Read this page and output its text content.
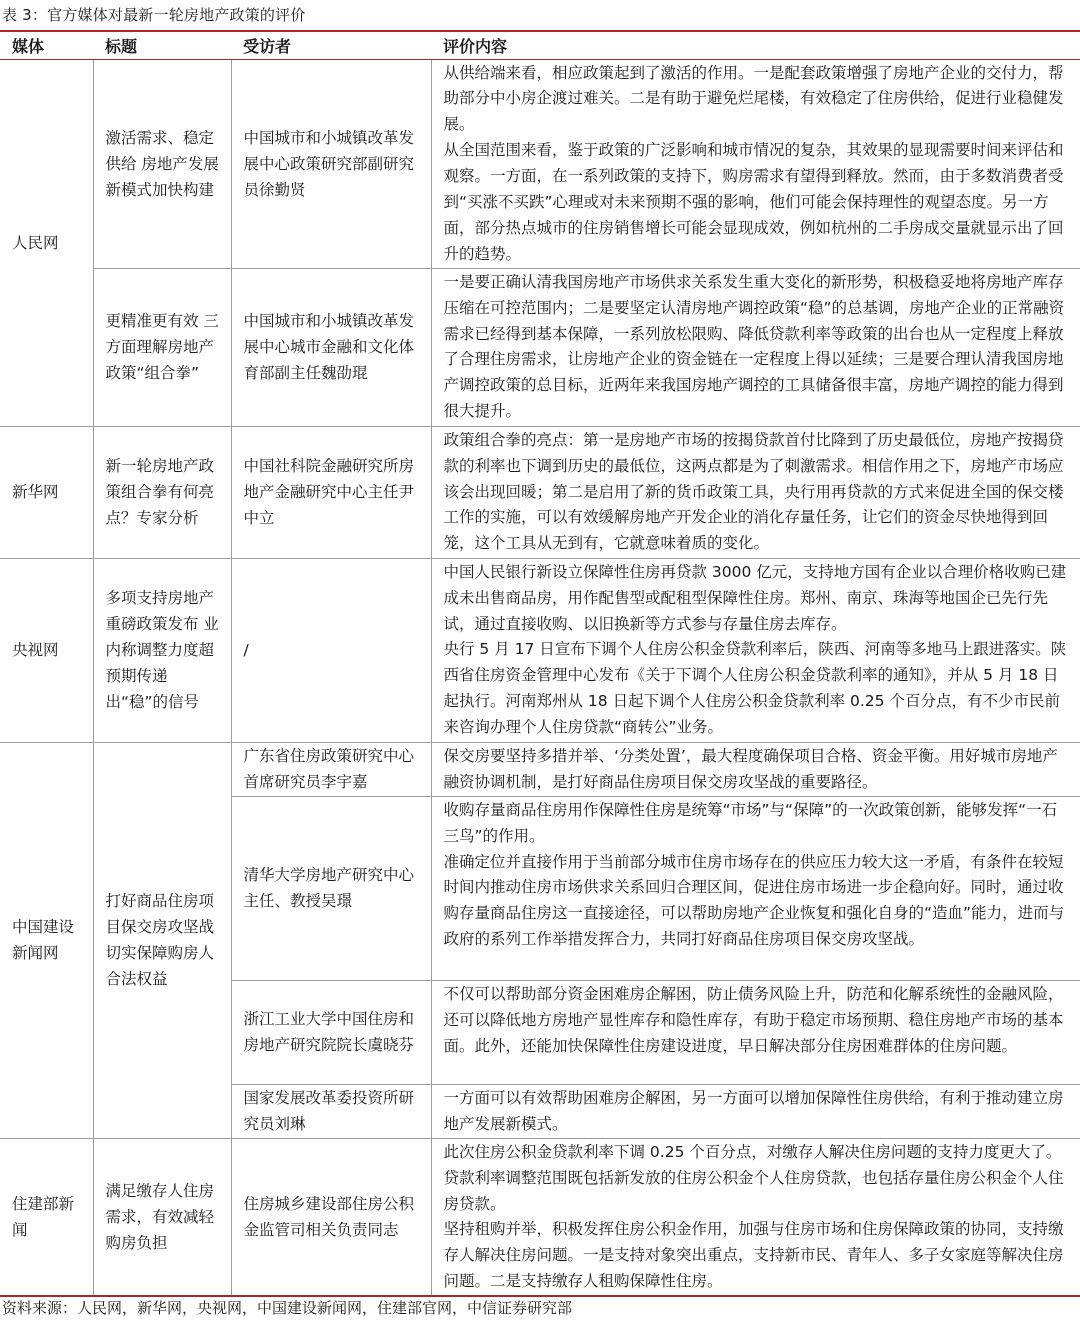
表 3：官方媒体对最新一轮房地产政策的评价
媒体	标题	受访者	评价内容
人民网	激活需求、稳定供给 房地产发展新模式加快构建	中国城市和小城镇改革发展中心政策研究部副研究员徐勤贤	从供给端来看，相应政策起到了激活的作用。一是配套政策增强了房地产企业的交付力，帮助部分中小房企渡过难关。二是有助于避免烂尾楼，有效稳定了住房供给，促进行业稳健发展。
从全国范围来看，鉴于政策的广泛影响和城市情况的复杂，其效果的显现需要时间来评估和观察。一方面，在一系列政策的支持下，购房需求有望得到释放。然而，由于多数消费者受到“买涨不买跌”心理或对未来预期不强的影响，他们可能会保持理性的观望态度。另一方面，部分热点城市的住房销售增长可能会显现成效，例如杭州的二手房成交量就显示出了回升的趋势。

	更精准更有效 三方面理解房地产政策“组合拳”	中国城市和小城镇改革发展中心城市金融和文化体育部副主任魏劭琨	一是要正确认清我国房地产市场供求关系发生重大变化的新形势，积极稳妥地将房地产库存压缩在可控范围内；二是要坚定认清房地产调控政策“稳”的总基调，房地产企业的正常融资需求已经得到基本保障，一系列放松限购、降低贷款利率等政策的出台也从一定程度上释放了合理住房需求，让房地产企业的资金链在一定程度上得以延续；三是要合理认清我国房地产调控政策的总目标，近两年来我国房地产调控的工具储备很丰富，房地产调控的能力得到很大提升。

新华网	新一轮房地产政策组合拳有何亮点？专家分析	中国社科院金融研究所房地产金融研究中心主任尹中立	政策组合拳的亮点：第一是房地产市场的按揭贷款首付比降到了历史最低位，房地产按揭贷款的利率也下调到历史的最低位，这两点都是为了刺激需求。相信作用之下，房地产市场应该会出现回暖；第二是启用了新的货币政策工具，央行用再贷款的方式来促进全国的保交楼工作的实施，可以有效缓解房地产开发企业的消化存量任务，让它们的资金尽快地得到回笼，这个工具从无到有，它就意味着质的变化。

央视网	多项支持房地产重磅政策发布 业内称调整力度超预期传递出“稳”的信号	/	中国人民银行新设立保障性住房再贷款 3000 亿元，支持地方国有企业以合理价格收购已建成未出售商品房，用作配售型或配租型保障性住房。郑州、南京、珠海等地国企已先行先试，通过直接收购、以旧换新等方式参与存量住房去库存。
央行 5 月 17 日宣布下调个人住房公积金贷款利率后，陕西、河南等多地马上跟进落实。陕西省住房资金管理中心发布《关于下调个人住房公积金贷款利率的通知》，并从 5 月 18 日起执行。河南郑州从 18 日起下调个人住房公积金贷款利率 0.25 个百分点，有不少市民前来咨询办理个人住房贷款“商转公”业务。

中国建设新闻网	打好商品住房项目保交房攻坚战 切实保障购房人合法权益	广东省住房政策研究中心首席研究员李宇嘉	保交房要坚持多措并举、‘分类处置’，最大程度确保项目合格、资金平衡。用好城市房地产融资协调机制，是打好商品住房项目保交房攻坚战的重要路径。

		清华大学房地产研究中心主任、教授吴璟	收购存量商品住房用作保障性住房是统筹“市场”与“保障”的一次政策创新，能够发挥“一石三鸟”的作用。
准确定位并直接作用于当前部分城市住房市场存在的供应压力较大这一矛盾，有条件在较短时间内推动住房市场供求关系回归合理区间，促进住房市场进一步企稳向好。同时，通过收购存量商品住房这一直接途径，可以帮助房地产企业恢复和强化自身的“造血”能力，进而与政府的系列工作举措发挥合力，共同打好商品住房项目保交房攻坚战。

		浙江工业大学中国住房和房地产研究院院长虞晓芬	不仅可以帮助部分资金困难房企解困，防止债务风险上升，防范和化解系统性的金融风险，还可以降低地方房地产显性库存和隐性库存，有助于稳定市场预期、稳住房地产市场的基本面。此外，还能加快保障性住房建设进度，早日解决部分住房困难群体的住房问题。

		国家发展改革委投资所研究员刘琳	一方面可以有效帮助困难房企解困，另一方面可以增加保障性住房供给，有利于推动建立房地产发展新模式。

住建部新闻	满足缴存人住房需求，有效减轻购房负担	住房城乡建设部住房公积金监管司相关负责同志	此次住房公积金贷款利率下调 0.25 个百分点，对缴存人解决住房问题的支持力度更大了。贷款利率调整范围既包括新发放的住房公积金个人住房贷款，也包括存量住房公积金个人住房贷款。
坚持租购并举，积极发挥住房公积金作用，加强与住房市场和住房保障政策的协同，支持缴存人解决住房问题。一是支持对象突出重点，支持新市民、青年人、多子女家庭等解决住房问题。二是支持缴存人租购保障性住房。
资料来源：人民网，新华网，央视网，中国建设新闻网，住建部官网，中信证券研究部
